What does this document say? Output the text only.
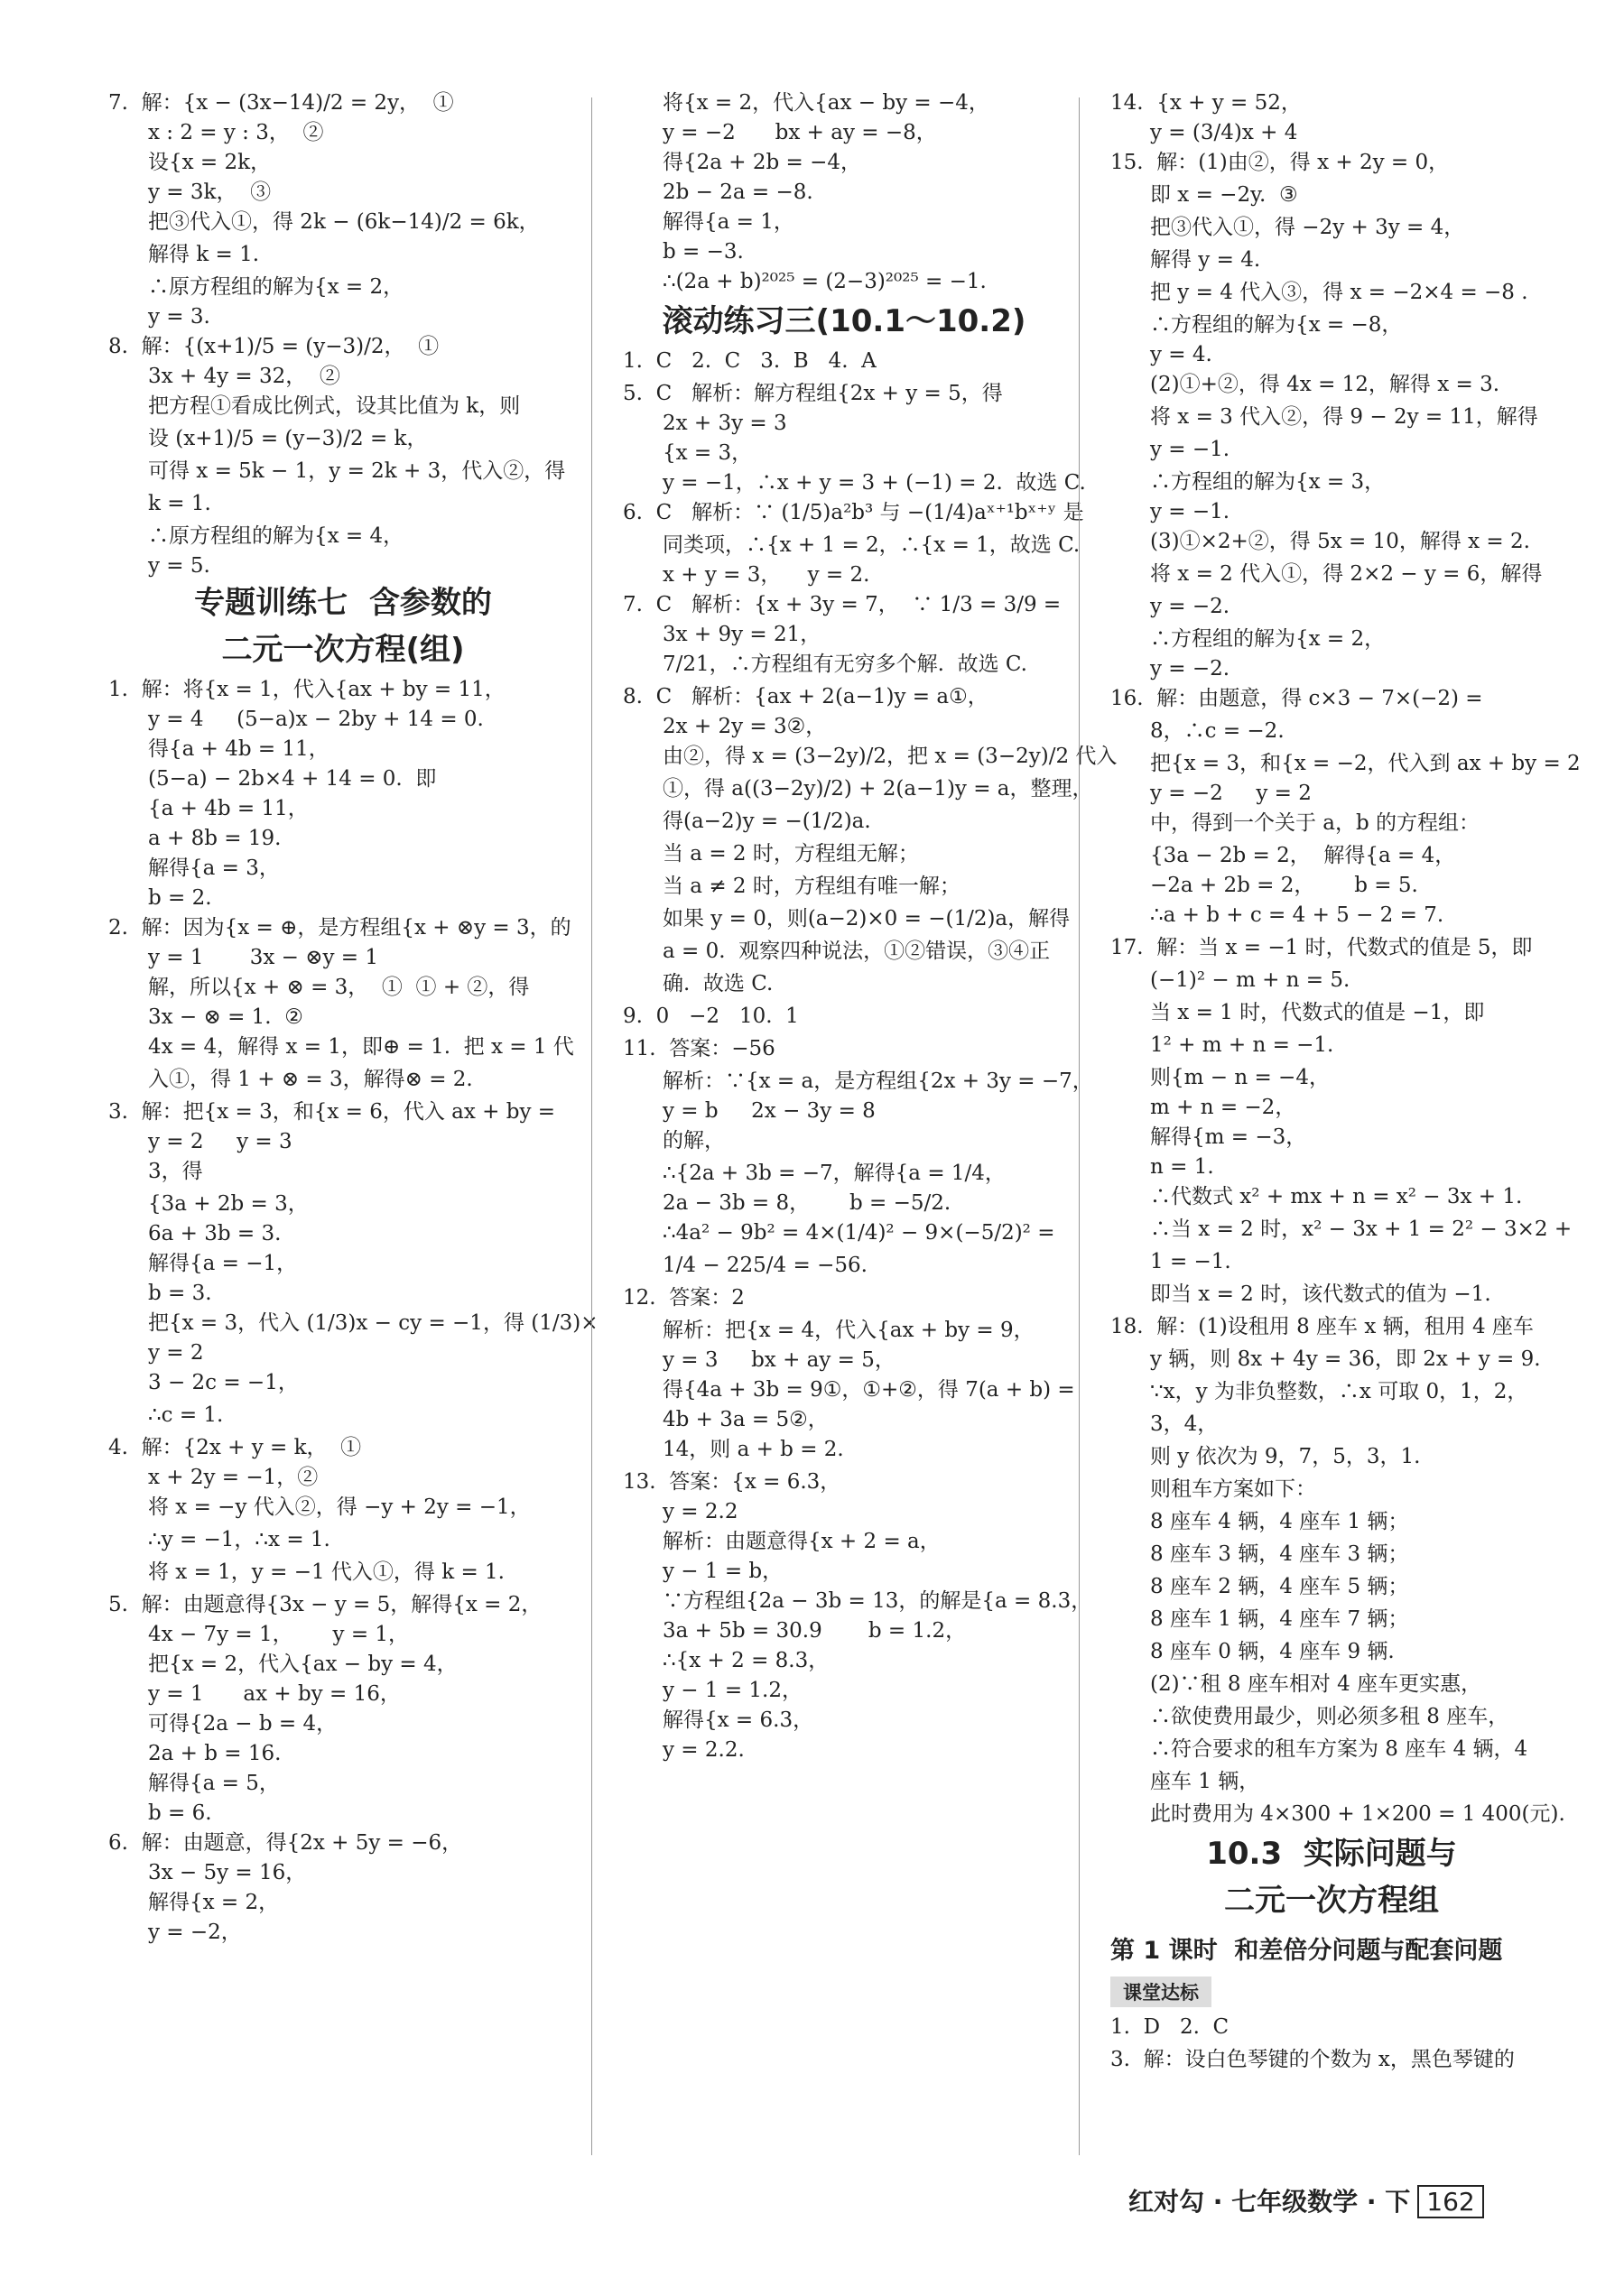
7.  解：{x − (3x−14)/2 = 2y，  ①
x : 2 = y : 3，  ②
设{x = 2k，
y = 3k，  ③
把③代入①，得 2k − (6k−14)/2 = 6k，
解得 k = 1.
∴原方程组的解为{x = 2，
y = 3.
8.  解：{(x+1)/5 = (y−3)/2，  ①
3x + 4y = 32，  ②
把方程①看成比例式，设其比值为 k，则
设 (x+1)/5 = (y−3)/2 = k，
可得 x = 5k − 1，y = 2k + 3，代入②，得
k = 1.
∴原方程组的解为{x = 4，
y = 5.
专题训练七  含参数的
二元一次方程(组)
1.  解：将{x = 1，代入{ax + by = 11，
y = 4     (5−a)x − 2by + 14 = 0.
得{a + 4b = 11，
(5−a) − 2b×4 + 14 = 0.  即
{a + 4b = 11，
a + 8b = 19.
解得{a = 3，
b = 2.
2.  解：因为{x = ⊕，是方程组{x + ⊗y = 3，的
y = 1       3x − ⊗y = 1
解，所以{x + ⊗ = 3，  ①  ① + ②，得
3x − ⊗ = 1.  ②
4x = 4，解得 x = 1，即⊕ = 1.  把 x = 1 代
入①，得 1 + ⊗ = 3，解得⊗ = 2.
3.  解：把{x = 3，和{x = 6，代入 ax + by =
y = 2     y = 3
3，得
{3a + 2b = 3，
6a + 3b = 3.
解得{a = −1，
b = 3.
把{x = 3，代入 (1/3)x − cy = −1，得 (1/3)×
y = 2
3 − 2c = −1，
∴c = 1.
4.  解：{2x + y = k，  ①
x + 2y = −1，②
将 x = −y 代入②，得 −y + 2y = −1，
∴y = −1，∴x = 1.
将 x = 1，y = −1 代入①，得 k = 1.
5.  解：由题意得{3x − y = 5，解得{x = 2，
4x − 7y = 1，      y = 1，
把{x = 2，代入{ax − by = 4，
y = 1      ax + by = 16，
可得{2a − b = 4，
2a + b = 16.
解得{a = 5，
b = 6.
6.  解：由题意，得{2x + 5y = −6，
3x − 5y = 16，
解得{x = 2，
y = −2，
将{x = 2，代入{ax − by = −4，
y = −2      bx + ay = −8，
得{2a + 2b = −4，
2b − 2a = −8.
解得{a = 1，
b = −3.
∴(2a + b)²⁰²⁵ = (2−3)²⁰²⁵ = −1.
滚动练习三(10.1～10.2)
1.  C   2.  C   3.  B   4.  A
5.  C   解析：解方程组{2x + y = 5，得
2x + 3y = 3
{x = 3，
y = −1，∴x + y = 3 + (−1) = 2.  故选 C.
6.  C   解析：∵ (1/5)a²b³ 与 −(1/4)aˣ⁺¹bˣ⁺ʸ 是
同类项，∴{x + 1 = 2，∴{x = 1，故选 C.
x + y = 3，    y = 2.
7.  C   解析：{x + 3y = 7，  ∵ 1/3 = 3/9 =
3x + 9y = 21，
7/21，∴方程组有无穷多个解.  故选 C.
8.  C   解析：{ax + 2(a−1)y = a①，
2x + 2y = 3②，
由②，得 x = (3−2y)/2，把 x = (3−2y)/2 代入
①，得 a((3−2y)/2) + 2(a−1)y = a，整理，
得(a−2)y = −(1/2)a.
当 a = 2 时，方程组无解；
当 a ≠ 2 时，方程组有唯一解；
如果 y = 0，则(a−2)×0 = −(1/2)a，解得
a = 0.  观察四种说法，①②错误，③④正
确.  故选 C.
9.  0   −2   10.  1
11.  答案：−56
解析：∵{x = a，是方程组{2x + 3y = −7，
y = b     2x − 3y = 8
的解，
∴{2a + 3b = −7，解得{a = 1/4，
2a − 3b = 8，      b = −5/2.
∴4a² − 9b² = 4×(1/4)² − 9×(−5/2)² =
1/4 − 225/4 = −56.
12.  答案：2
解析：把{x = 4，代入{ax + by = 9，
y = 3     bx + ay = 5，
得{4a + 3b = 9①，①+②，得 7(a + b) =
4b + 3a = 5②，
14，则 a + b = 2.
13.  答案：{x = 6.3，
y = 2.2
解析：由题意得{x + 2 = a，
y − 1 = b，
∵方程组{2a − 3b = 13，的解是{a = 8.3，
3a + 5b = 30.9       b = 1.2，
∴{x + 2 = 8.3，
y − 1 = 1.2，
解得{x = 6.3，
y = 2.2.
14.  {x + y = 52，
y = (3/4)x + 4
15.  解：(1)由②，得 x + 2y = 0，
即 x = −2y.  ③
把③代入①，得 −2y + 3y = 4，
解得 y = 4.
把 y = 4 代入③，得 x = −2×4 = −8 .
∴方程组的解为{x = −8，
y = 4.
(2)①+②，得 4x = 12，解得 x = 3.
将 x = 3 代入②，得 9 − 2y = 11，解得
y = −1.
∴方程组的解为{x = 3，
y = −1.
(3)①×2+②，得 5x = 10，解得 x = 2.
将 x = 2 代入①，得 2×2 − y = 6，解得
y = −2.
∴方程组的解为{x = 2，
y = −2.
16.  解：由题意，得 c×3 − 7×(−2) =
8，∴c = −2.
把{x = 3，和{x = −2，代入到 ax + by = 2
y = −2     y = 2
中，得到一个关于 a，b 的方程组：
{3a − 2b = 2，  解得{a = 4，
−2a + 2b = 2，      b = 5.
∴a + b + c = 4 + 5 − 2 = 7.
17.  解：当 x = −1 时，代数式的值是 5，即
(−1)² − m + n = 5.
当 x = 1 时，代数式的值是 −1，即
1² + m + n = −1.
则{m − n = −4，
m + n = −2，
解得{m = −3，
n = 1.
∴代数式 x² + mx + n = x² − 3x + 1.
∴当 x = 2 时，x² − 3x + 1 = 2² − 3×2 +
1 = −1.
即当 x = 2 时，该代数式的值为 −1.
18.  解：(1)设租用 8 座车 x 辆，租用 4 座车
y 辆，则 8x + 4y = 36，即 2x + y = 9.
∵x，y 为非负整数，∴x 可取 0，1，2，
3，4，
则 y 依次为 9，7，5，3，1.
则租车方案如下：
8 座车 4 辆，4 座车 1 辆；
8 座车 3 辆，4 座车 3 辆；
8 座车 2 辆，4 座车 5 辆；
8 座车 1 辆，4 座车 7 辆；
8 座车 0 辆，4 座车 9 辆.
(2)∵租 8 座车相对 4 座车更实惠，
∴欲使费用最少，则必须多租 8 座车，
∴符合要求的租车方案为 8 座车 4 辆，4
座车 1 辆，
此时费用为 4×300 + 1×200 = 1 400(元).
10.3  实际问题与
二元一次方程组
第 1 课时  和差倍分问题与配套问题
课堂达标
1.  D   2.  C
3.  解：设白色琴键的个数为 x，黑色琴键的
红对勾 · 七年级数学 · 下 162
